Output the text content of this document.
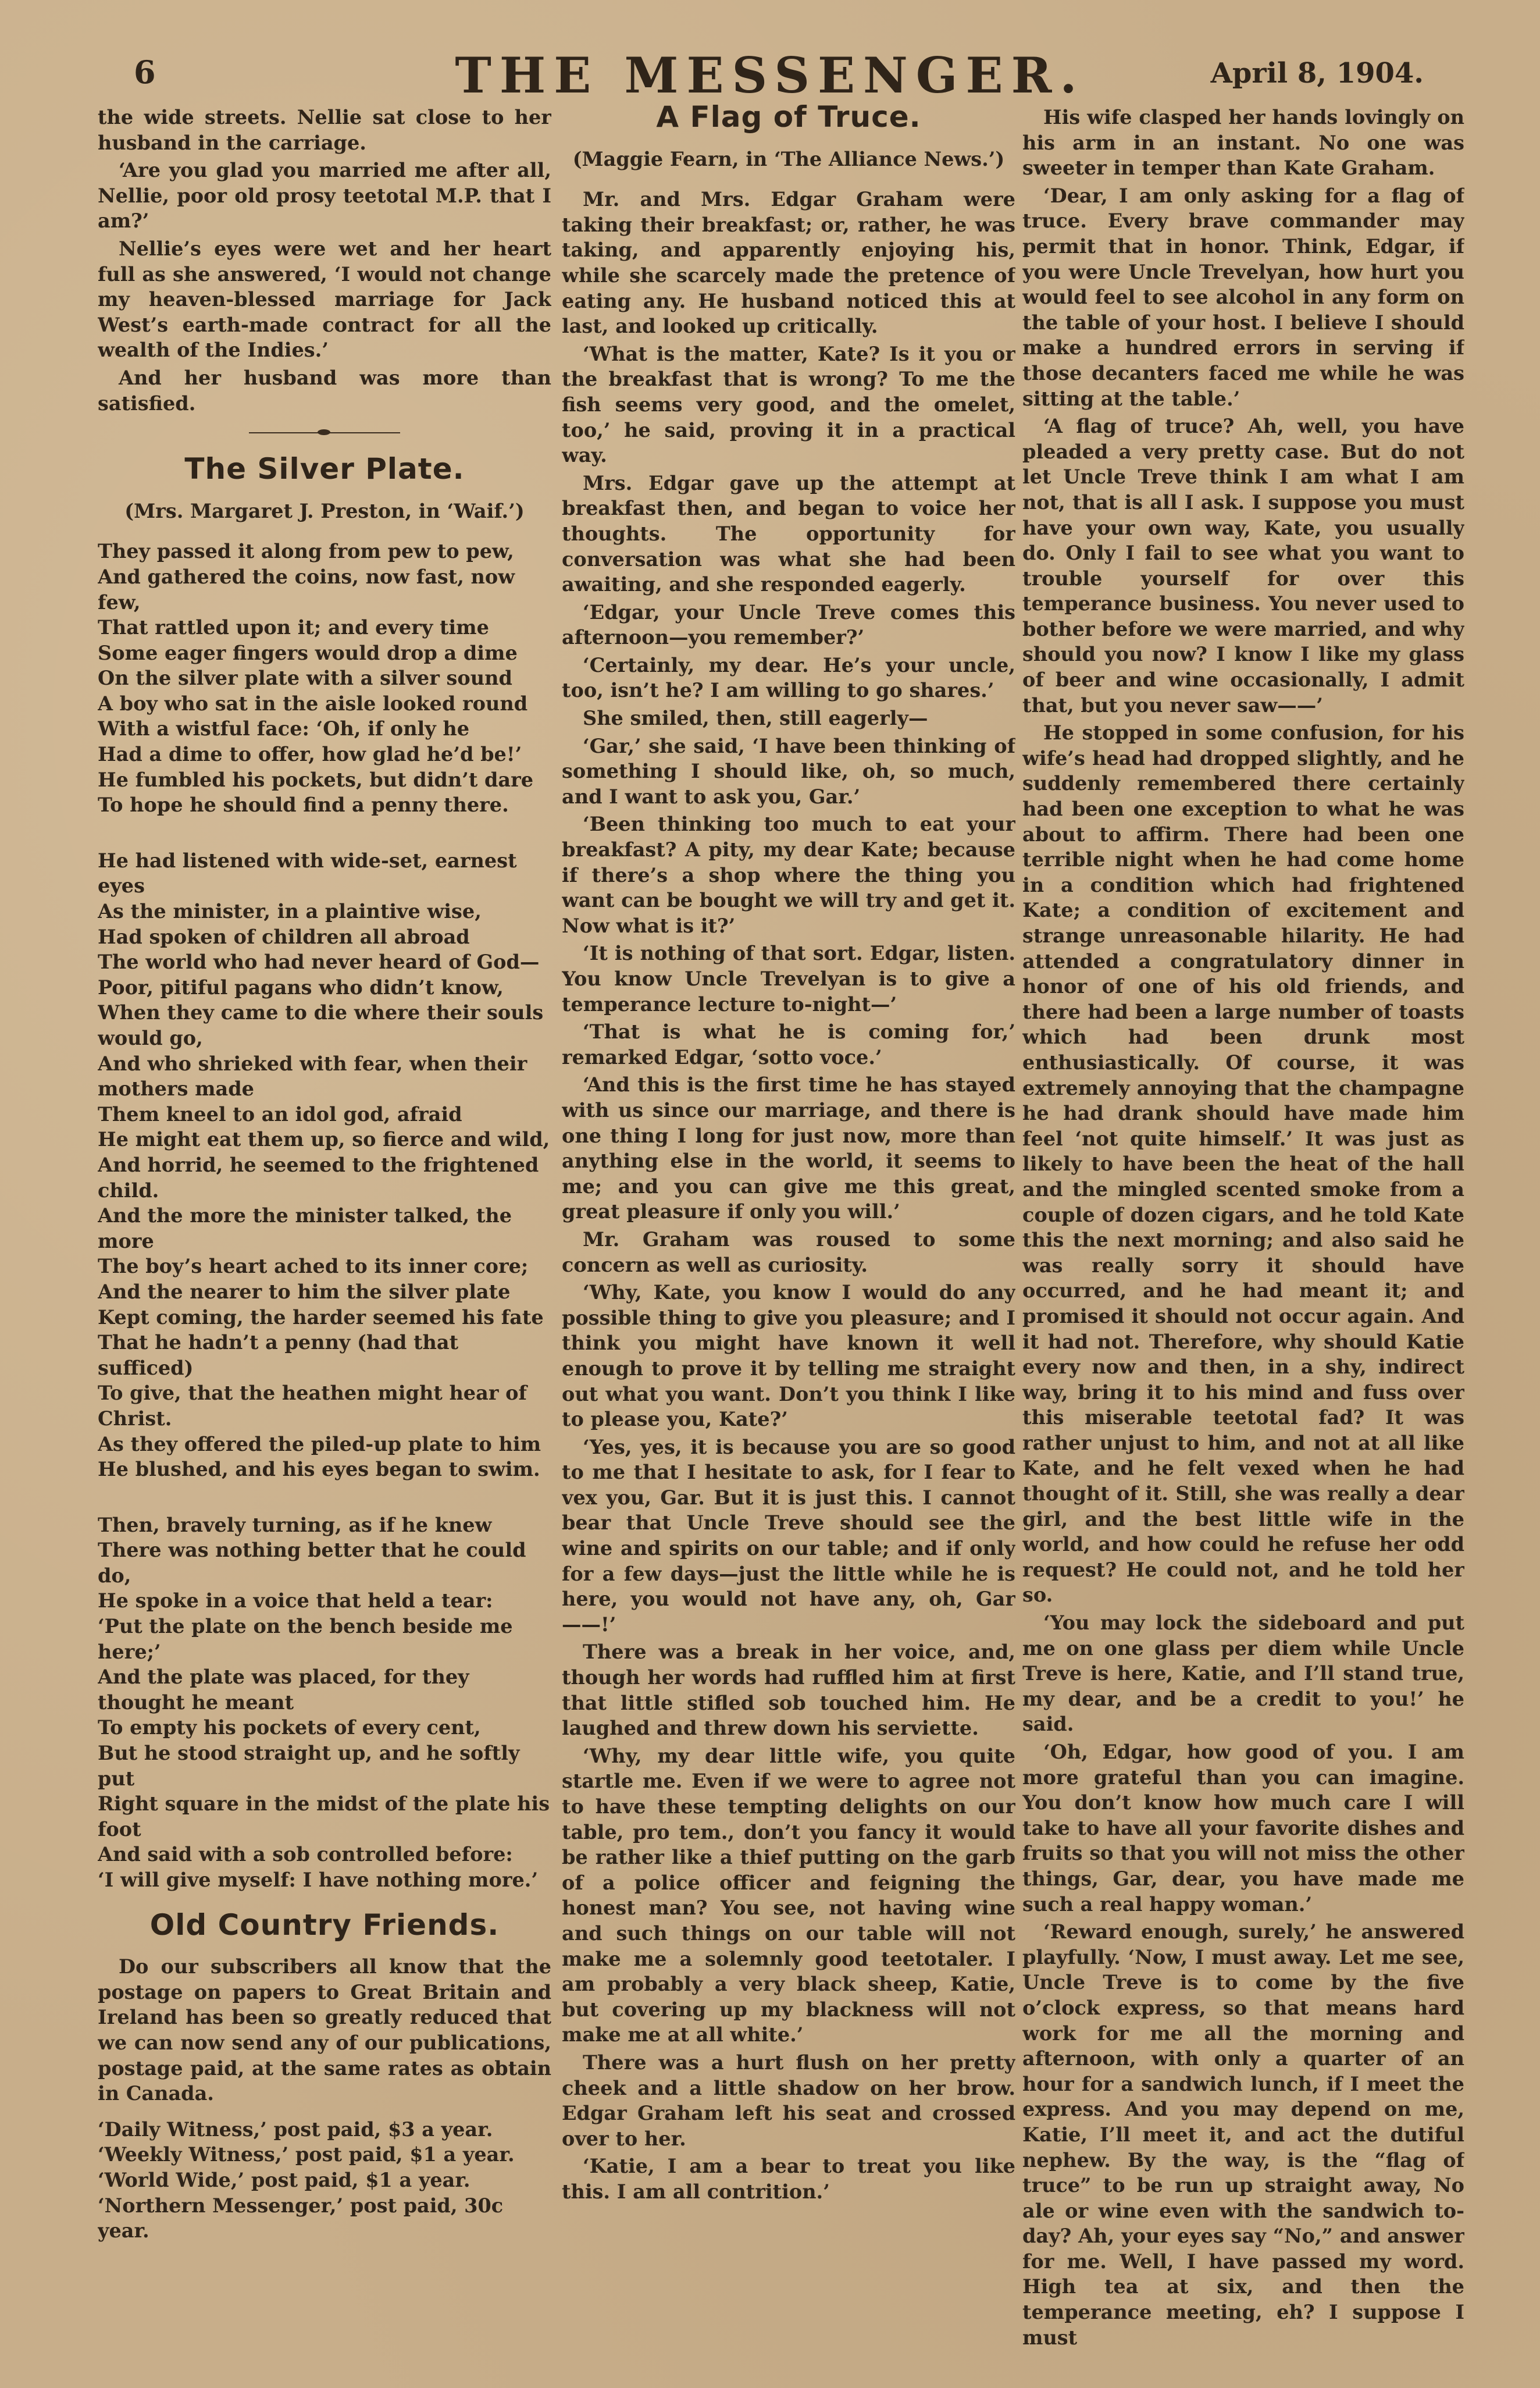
6	THE MESSENGER.	April 8, 1904.

the wide streets. Nellie sat close to her husband in the carriage.

‘Are you glad you married me after all, Nellie, poor old prosy teetotal M.P. that I am?’

Nellie’s eyes were wet and her heart full as she answered, ‘I would not change my heaven-blessed marriage for Jack West’s earth-made contract for all the wealth of the Indies.’

And her husband was more than satisfied.

The Silver Plate.
(Mrs. Margaret J. Preston, in ‘Waif.’)
They passed it along from pew to pew,
And gathered the coins, now fast, now few,
That rattled upon it; and every time
Some eager fingers would drop a dime
On the silver plate with a silver sound
A boy who sat in the aisle looked round
With a wistful face: ‘Oh, if only he
Had a dime to offer, how glad he’d be!’
He fumbled his pockets, but didn’t dare
To hope he should find a penny there.
He had listened with wide-set, earnest eyes
As the minister, in a plaintive wise,
Had spoken of children all abroad
The world who had never heard of God—
Poor, pitiful pagans who didn’t know,
When they came to die where their souls would go,
And who shrieked with fear, when their mothers made
Them kneel to an idol god, afraid
He might eat them up, so fierce and wild,
And horrid, he seemed to the frightened child.
And the more the minister talked, the more
The boy’s heart ached to its inner core;
And the nearer to him the silver plate
Kept coming, the harder seemed his fate
That he hadn’t a penny (had that sufficed)
To give, that the heathen might hear of Christ.
As they offered the piled-up plate to him
He blushed, and his eyes began to swim.
Then, bravely turning, as if he knew
There was nothing better that he could do,
He spoke in a voice that held a tear:
‘Put the plate on the bench beside me here;’
And the plate was placed, for they thought he meant
To empty his pockets of every cent,
But he stood straight up, and he softly put
Right square in the midst of the plate his foot
And said with a sob controlled before:
‘I will give myself: I have nothing more.’
Old Country Friends.

Do our subscribers all know that the postage on papers to Great Britain and Ireland has been so greatly reduced that we can now send any of our publications, postage paid, at the same rates as obtain in Canada.

‘Daily Witness,’ post paid, $3 a year.
‘Weekly Witness,’ post paid, $1 a year.
‘World Wide,’ post paid, $1 a year.
‘Northern Messenger,’ post paid, 30c year.
A Flag of Truce.
(Maggie Fearn, in ‘The Alliance News.’)

Mr. and Mrs. Edgar Graham were taking their breakfast; or, rather, he was taking, and apparently enjoying his, while she scarcely made the pretence of eating any. He husband noticed this at last, and looked up critically.

‘What is the matter, Kate? Is it you or the breakfast that is wrong? To me the fish seems very good, and the omelet, too,’ he said, proving it in a practical way.

Mrs. Edgar gave up the attempt at breakfast then, and began to voice her thoughts. The opportunity for conversation was what she had been awaiting, and she responded eagerly.

‘Edgar, your Uncle Treve comes this afternoon—you remember?’

‘Certainly, my dear. He’s your uncle, too, isn’t he? I am willing to go shares.’

She smiled, then, still eagerly—

‘Gar,’ she said, ‘I have been thinking of something I should like, oh, so much, and I want to ask you, Gar.’

‘Been thinking too much to eat your breakfast? A pity, my dear Kate; because if there’s a shop where the thing you want can be bought we will try and get it. Now what is it?’

‘It is nothing of that sort. Edgar, listen. You know Uncle Trevelyan is to give a temperance lecture to-night—’

‘That is what he is coming for,’ remarked Edgar, ‘sotto voce.’

‘And this is the first time he has stayed with us since our marriage, and there is one thing I long for just now, more than anything else in the world, it seems to me; and you can give me this great, great pleasure if only you will.’

Mr. Graham was roused to some concern as well as curiosity.

‘Why, Kate, you know I would do any possible thing to give you pleasure; and I think you might have known it well enough to prove it by telling me straight out what you want. Don’t you think I like to please you, Kate?’

‘Yes, yes, it is because you are so good to me that I hesitate to ask, for I fear to vex you, Gar. But it is just this. I cannot bear that Uncle Treve should see the wine and spirits on our table; and if only for a few days—just the little while he is here, you would not have any, oh, Gar——!’

There was a break in her voice, and, though her words had ruffled him at first that little stifled sob touched him. He laughed and threw down his serviette.

‘Why, my dear little wife, you quite startle me. Even if we were to agree not to have these tempting delights on our table, pro tem., don’t you fancy it would be rather like a thief putting on the garb of a police officer and feigning the honest man? You see, not having wine and such things on our table will not make me a solemnly good teetotaler. I am probably a very black sheep, Katie, but covering up my blackness will not make me at all white.’

There was a hurt flush on her pretty cheek and a little shadow on her brow. Edgar Graham left his seat and crossed over to her.

‘Katie, I am a bear to treat you like this. I am all contrition.’

His wife clasped her hands lovingly on his arm in an instant. No one was sweeter in temper than Kate Graham.

‘Dear, I am only asking for a flag of truce. Every brave commander may permit that in honor. Think, Edgar, if you were Uncle Trevelyan, how hurt you would feel to see alcohol in any form on the table of your host. I believe I should make a hundred errors in serving if those decanters faced me while he was sitting at the table.’

‘A flag of truce? Ah, well, you have pleaded a very pretty case. But do not let Uncle Treve think I am what I am not, that is all I ask. I suppose you must have your own way, Kate, you usually do. Only I fail to see what you want to trouble yourself for over this temperance business. You never used to bother before we were married, and why should you now? I know I like my glass of beer and wine occasionally, I admit that, but you never saw——’

He stopped in some confusion, for his wife’s head had dropped slightly, and he suddenly remembered there certainly had been one exception to what he was about to affirm. There had been one terrible night when he had come home in a condition which had frightened Kate; a condition of excitement and strange unreasonable hilarity. He had attended a congratulatory dinner in honor of one of his old friends, and there had been a large number of toasts which had been drunk most enthusiastically. Of course, it was extremely annoying that the champagne he had drank should have made him feel ‘not quite himself.’ It was just as likely to have been the heat of the hall and the mingled scented smoke from a couple of dozen cigars, and he told Kate this the next morning; and also said he was really sorry it should have occurred, and he had meant it; and promised it should not occur again. And it had not. Therefore, why should Katie every now and then, in a shy, indirect way, bring it to his mind and fuss over this miserable teetotal fad? It was rather unjust to him, and not at all like Kate, and he felt vexed when he had thought of it. Still, she was really a dear girl, and the best little wife in the world, and how could he refuse her odd request? He could not, and he told her so.

‘You may lock the sideboard and put me on one glass per diem while Uncle Treve is here, Katie, and I’ll stand true, my dear, and be a credit to you!’ he said.

‘Oh, Edgar, how good of you. I am more grateful than you can imagine. You don’t know how much care I will take to have all your favorite dishes and fruits so that you will not miss the other things, Gar, dear, you have made me such a real happy woman.’

‘Reward enough, surely,’ he answered playfully. ‘Now, I must away. Let me see, Uncle Treve is to come by the five o’clock express, so that means hard work for me all the morning and afternoon, with only a quarter of an hour for a sandwich lunch, if I meet the express. And you may depend on me, Katie, I’ll meet it, and act the dutiful nephew. By the way, is the “flag of truce” to be run up straight away, No ale or wine even with the sandwich to-day? Ah, your eyes say “No,” and answer for me. Well, I have passed my word. High tea at six, and then the temperance meeting, eh? I suppose I must
